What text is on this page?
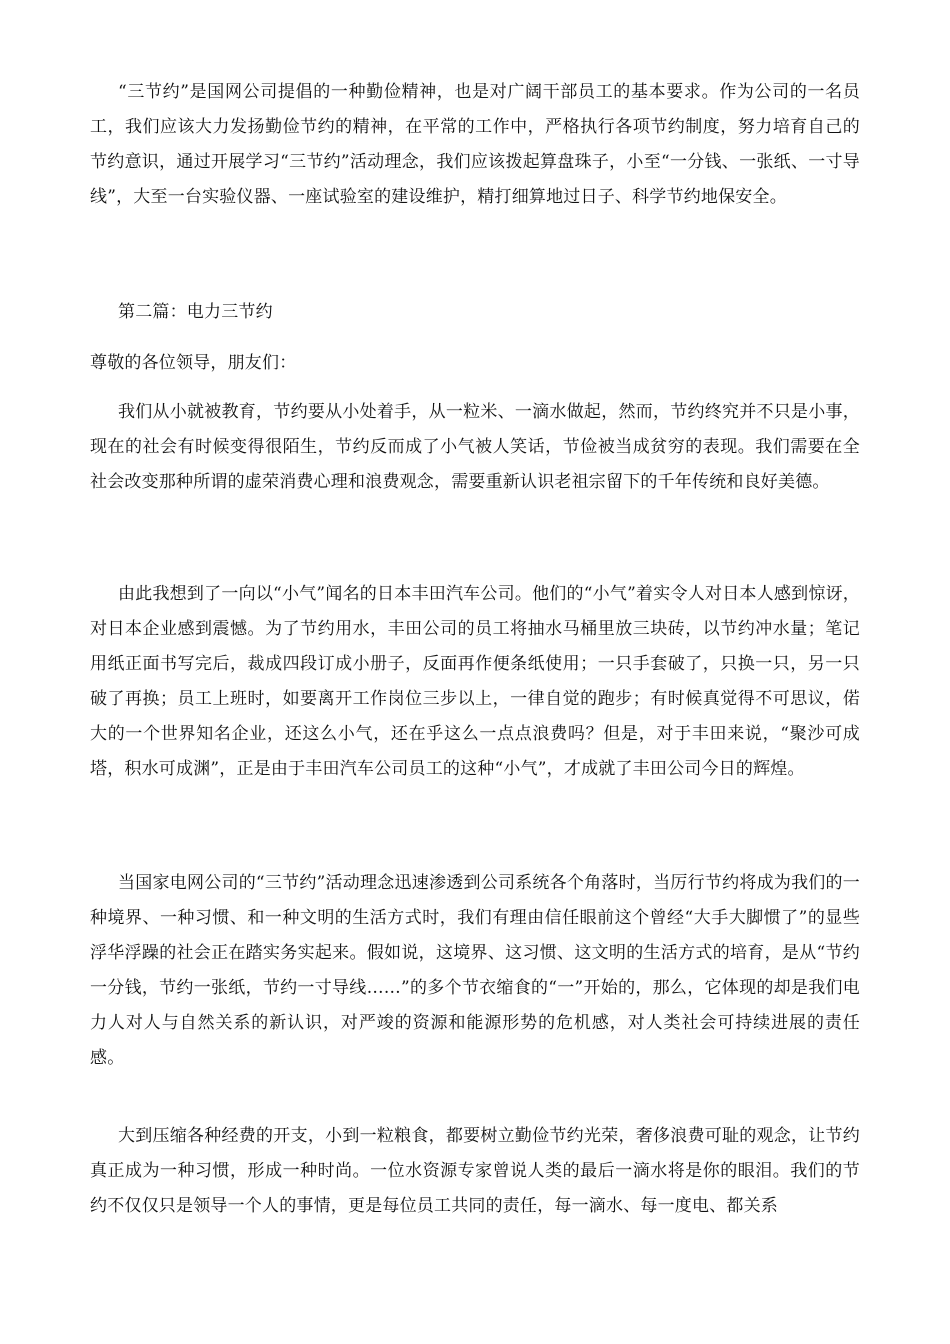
“三节约”是国网公司提倡的一种勤俭精神，也是对广阔干部员工的基本要求。作为公司的一名员工，我们应该大力发扬勤俭节约的精神，在平常的工作中，严格执行各项节约制度，努力培育自己的节约意识，通过开展学习“三节约”活动理念，我们应该拨起算盘珠子，小至“一分钱、一张纸、一寸导线”，大至一台实验仪器、一座试验室的建设维护，精打细算地过日子、科学节约地保安全。

第二篇：电力三节约

尊敬的各位领导，朋友们：

我们从小就被教育，节约要从小处着手，从一粒米、一滴水做起，然而，节约终究并不只是小事，现在的社会有时候变得很陌生，节约反而成了小气被人笑话，节俭被当成贫穷的表现。我们需要在全社会改变那种所谓的虚荣消费心理和浪费观念，需要重新认识老祖宗留下的千年传统和良好美德。

由此我想到了一向以“小气”闻名的日本丰田汽车公司。他们的“小气”着实令人对日本人感到惊讶，对日本企业感到震憾。为了节约用水，丰田公司的员工将抽水马桶里放三块砖，以节约冲水量；笔记用纸正面书写完后，裁成四段订成小册子，反面再作便条纸使用；一只手套破了，只换一只，另一只破了再换；员工上班时，如要离开工作岗位三步以上，一律自觉的跑步；有时候真觉得不可思议，偌大的一个世界知名企业，还这么小气，还在乎这么一点点浪费吗？但是，对于丰田来说，“聚沙可成塔，积水可成渊”，正是由于丰田汽车公司员工的这种“小气”，才成就了丰田公司今日的辉煌。

当国家电网公司的“三节约”活动理念迅速渗透到公司系统各个角落时，当厉行节约将成为我们的一种境界、一种习惯、和一种文明的生活方式时，我们有理由信任眼前这个曾经“大手大脚惯了”的显些浮华浮躁的社会正在踏实务实起来。假如说，这境界、这习惯、这文明的生活方式的培育，是从“节约一分钱，节约一张纸，节约一寸导线……”的多个节衣缩食的“一”开始的，那么，它体现的却是我们电力人对人与自然关系的新认识，对严竣的资源和能源形势的危机感，对人类社会可持续进展的责任感。

大到压缩各种经费的开支，小到一粒粮食，都要树立勤俭节约光荣，奢侈浪费可耻的观念，让节约真正成为一种习惯，形成一种时尚。一位水资源专家曾说人类的最后一滴水将是你的眼泪。我们的节约不仅仅只是领导一个人的事情，更是每位员工共同的责任，每一滴水、每一度电、都关系
